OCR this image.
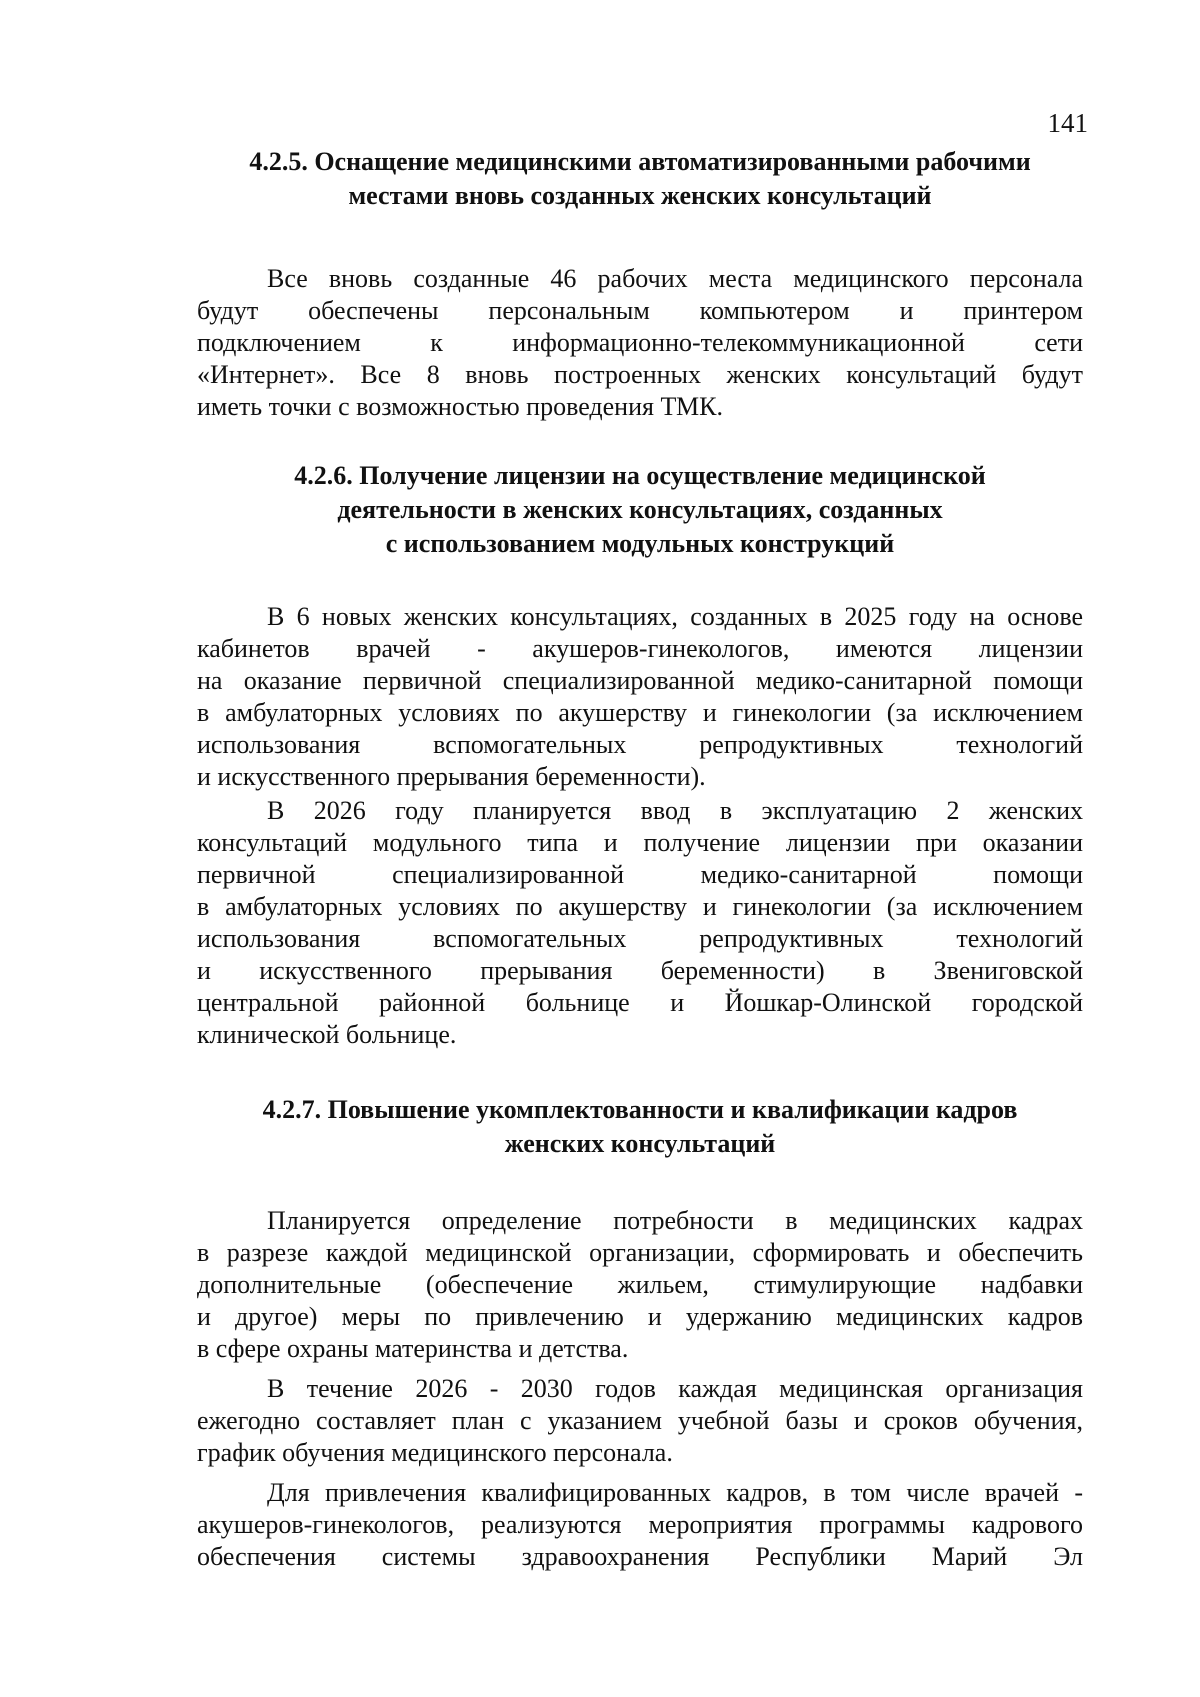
141
4.2.5. Оснащение медицинскими автоматизированными рабочими
местами вновь созданных женских консультаций

Все вновь созданные 46 рабочих места медицинского персонала
будут обеспечены персональным компьютером и принтером
подключением к информационно-телекоммуникационной сети
«Интернет». Все 8 вновь построенных женских консультаций будут
иметь точки с возможностью проведения ТМК.

4.2.6. Получение лицензии на осуществление медицинской
деятельности в женских консультациях, созданных
с использованием модульных конструкций

В 6 новых женских консультациях, созданных в 2025 году на основе
кабинетов врачей - акушеров-гинекологов, имеются лицензии
на оказание первичной специализированной медико-санитарной помощи
в амбулаторных условиях по акушерству и гинекологии (за исключением
использования вспомогательных репродуктивных технологий
и искусственного прерывания беременности).

В 2026 году планируется ввод в эксплуатацию 2 женских
консультаций модульного типа и получение лицензии при оказании
первичной специализированной медико-санитарной помощи
в амбулаторных условиях по акушерству и гинекологии (за исключением
использования вспомогательных репродуктивных технологий
и искусственного прерывания беременности) в Звениговской
центральной районной больнице и Йошкар-Олинской городской
клинической больнице.

4.2.7. Повышение укомплектованности и квалификации кадров
женских консультаций

Планируется определение потребности в медицинских кадрах
в разрезе каждой медицинской организации, сформировать и обеспечить
дополнительные (обеспечение жильем, стимулирующие надбавки
и другое) меры по привлечению и удержанию медицинских кадров
в сфере охраны материнства и детства.

В течение 2026 - 2030 годов каждая медицинская организация
ежегодно составляет план с указанием учебной базы и сроков обучения,
график обучения медицинского персонала.

Для привлечения квалифицированных кадров, в том числе врачей -
акушеров-гинекологов, реализуются мероприятия программы кадрового
обеспечения системы здравоохранения Республики Марий Эл
